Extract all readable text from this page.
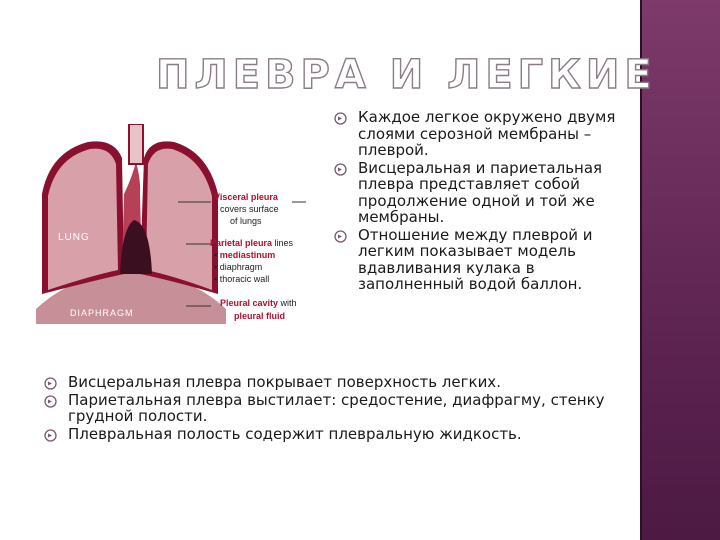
ПЛЕВРА И ЛЕГКИЕ
LUNG
DIAPHRAGM
Visceral pleura
covers surface
of lungs
Parietal pleura lines
▪ mediastinum
▪ diaphragm
▪ thoracic wall
Pleural cavity with
pleural fluid
Каждое легкое окружено двумя слоями серозной мембраны – плеврой.
Висцеральная и париетальная плевра представляет собой продолжение одной и той же мембраны.
Отношение между плеврой и легким показывает модель вдавливания кулака в заполненный водой баллон.
Висцеральная плевра покрывает поверхность легких.
Париетальная плевра выстилает: средостение, диафрагму, стенку грудной полости.
Плевральная полость содержит плевральную жидкость.
